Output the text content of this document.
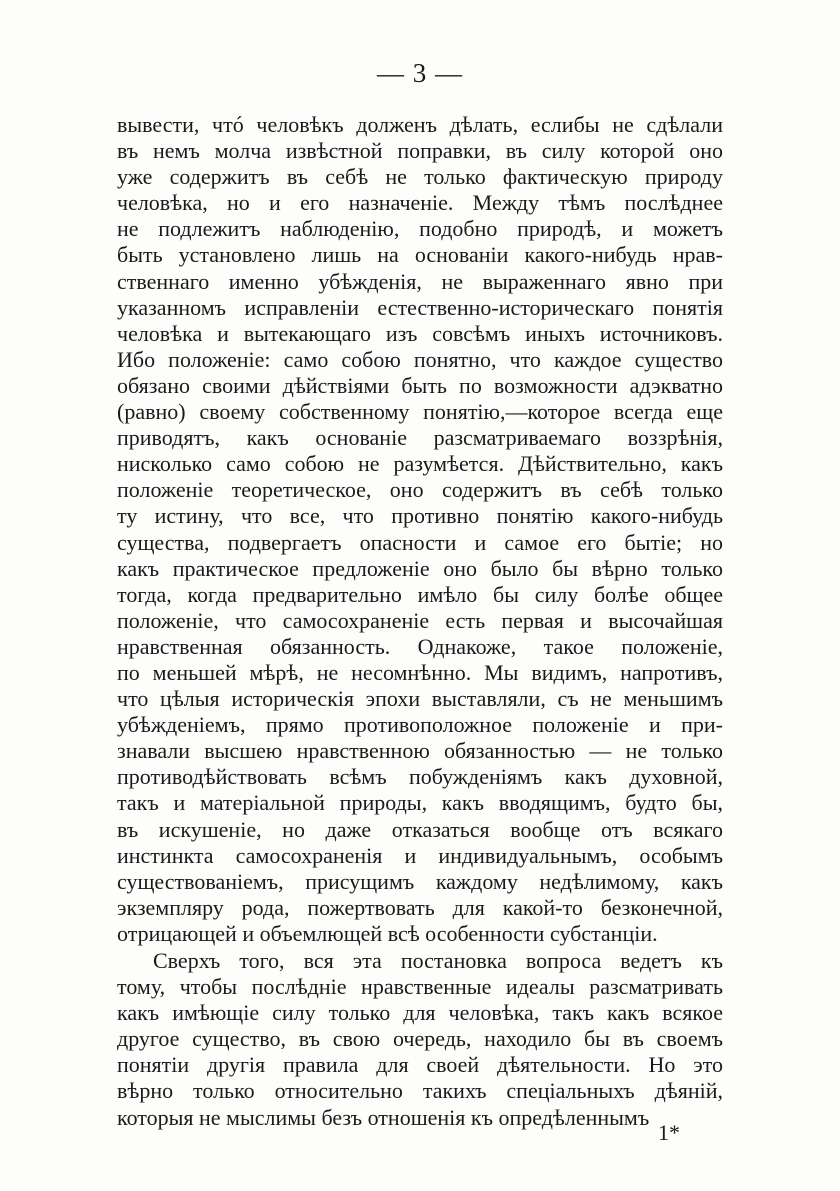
— 3 —
вывести, чтó человѣкъ долженъ дѣлать, еслибы не сдѣлали
въ немъ молча извѣстной поправки, въ силу которой оно
уже содержитъ въ себѣ не только фактическую природу
человѣка, но и его назначеніе. Между тѣмъ послѣднее
не подлежитъ наблюденію, подобно природѣ, и можетъ
быть установлено лишь на основаніи какого-нибудь нрав-
ственнаго именно убѣжденія, не выраженнаго явно при
указанномъ исправленіи естественно-историческаго понятія
человѣка и вытекающаго изъ совсѣмъ иныхъ источниковъ.
Ибо положеніе: само собою понятно, что каждое существо
обязано своими дѣйствіями быть по возможности адэкватно
(равно) своему собственному понятію,—которое всегда еще
приводятъ, какъ основаніе разсматриваемаго воззрѣнія,
нисколько само собою не разумѣется. Дѣйствительно, какъ
положеніе теоретическое, оно содержитъ въ себѣ только
ту истину, что все, что противно понятію какого-нибудь
существа, подвергаетъ опасности и самое его бытіе; но
какъ практическое предложеніе оно было бы вѣрно только
тогда, когда предварительно имѣло бы силу болѣе общее
положеніе, что самосохраненіе есть первая и высочайшая
нравственная обязанность. Однакоже, такое положеніе,
по меньшей мѣрѣ, не несомнѣнно. Мы видимъ, напротивъ,
что цѣлыя историческія эпохи выставляли, съ не меньшимъ
убѣжденіемъ, прямо противоположное положеніе и при-
знавали высшею нравственною обязанностью — не только
противодѣйствовать всѣмъ побужденіямъ какъ духовной,
такъ и матеріальной природы, какъ вводящимъ, будто бы,
въ искушеніе, но даже отказаться вообще отъ всякаго
инстинкта самосохраненія и индивидуальнымъ, особымъ
существованіемъ, присущимъ каждому недѣлимому, какъ
экземпляру рода, пожертвовать для какой-то безконечной,
отрицающей и объемлющей всѣ особенности субстанціи.
Сверхъ того, вся эта постановка вопроса ведетъ къ
тому, чтобы послѣдніе нравственные идеалы разсматривать
какъ имѣющіе силу только для человѣка, такъ какъ всякое
другое существо, въ свою очередь, находило бы въ своемъ
понятіи другія правила для своей дѣятельности. Но это
вѣрно только относительно такихъ спеціальныхъ дѣяній,
которыя не мыслимы безъ отношенія къ опредѣленнымъ
1*
